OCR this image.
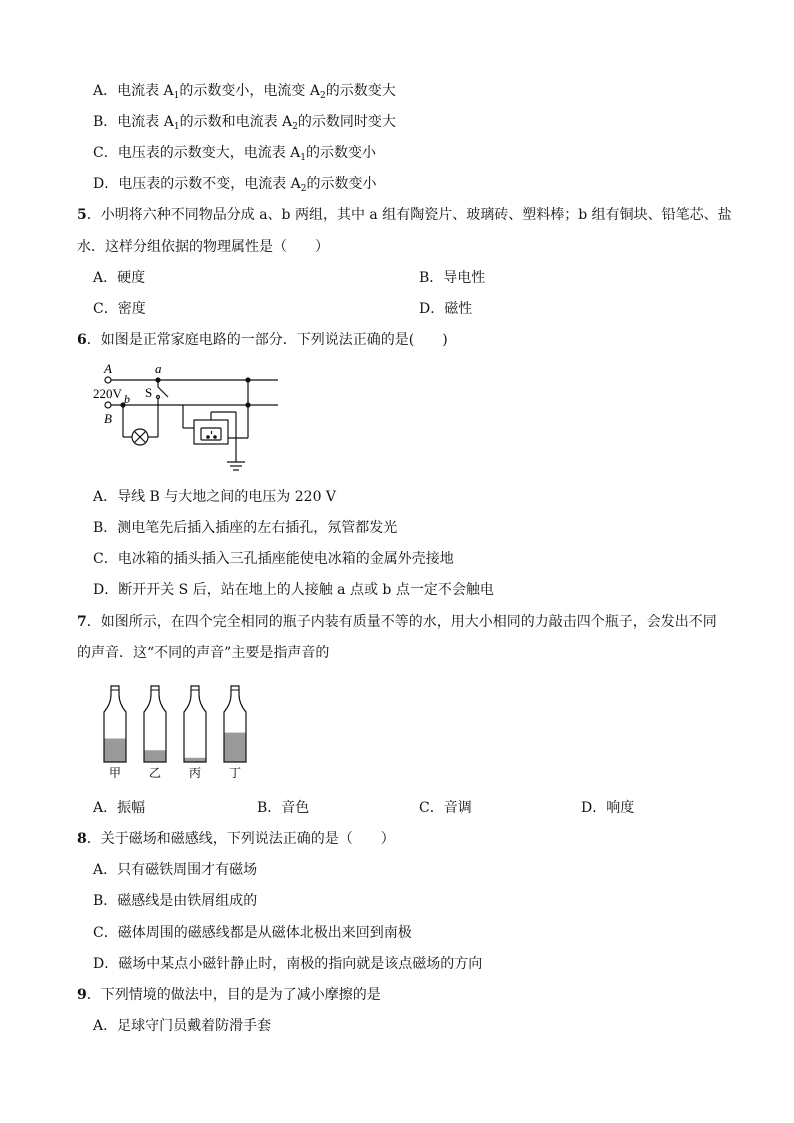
A．电流表 $A_1$的示数变小，电流变 $A_2$的示数变大
B．电流表 $A_1$的示数和电流表 $A_2$的示数同时变大
C．电压表的示数变大，电流表 $A_1$的示数变小
D．电压表的示数不变，电流表 $A_2$的示数变小
5．小明将六种不同物品分成 a、b 两组，其中 a 组有陶瓷片、玻璃砖、塑料棒；b 组有铜块、铅笔芯、盐
水．这样分组依据的物理属性是（　　）
A．硬度	B．导电性
C．密度	D．磁性
6．如图是正常家庭电路的一部分．下列说法正确的是(　　)
A
B
220V
a
b S
A．导线 B 与大地之间的电压为 220 V
B．测电笔先后插入插座的左右插孔，氖管都发光
C．电冰箱的插头插入三孔插座能使电冰箱的金属外壳接地
D．断开开关 S 后，站在地上的人接触 a 点或 b 点一定不会触电
7．如图所示，在四个完全相同的瓶子内装有质量不等的水，用大小相同的力敲击四个瓶子，会发出不同
的声音．这“不同的声音”主要是指声音的
甲 乙 丙 丁
A．振幅	B．音色	C．音调	D．响度
8．关于磁场和磁感线，下列说法正确的是（　　）
A．只有磁铁周围才有磁场
B．磁感线是由铁屑组成的
C．磁体周围的磁感线都是从磁体北极出来回到南极
D．磁场中某点小磁针静止时，南极的指向就是该点磁场的方向
9．下列情境的做法中，目的是为了减小摩擦的是
A．足球守门员戴着防滑手套
